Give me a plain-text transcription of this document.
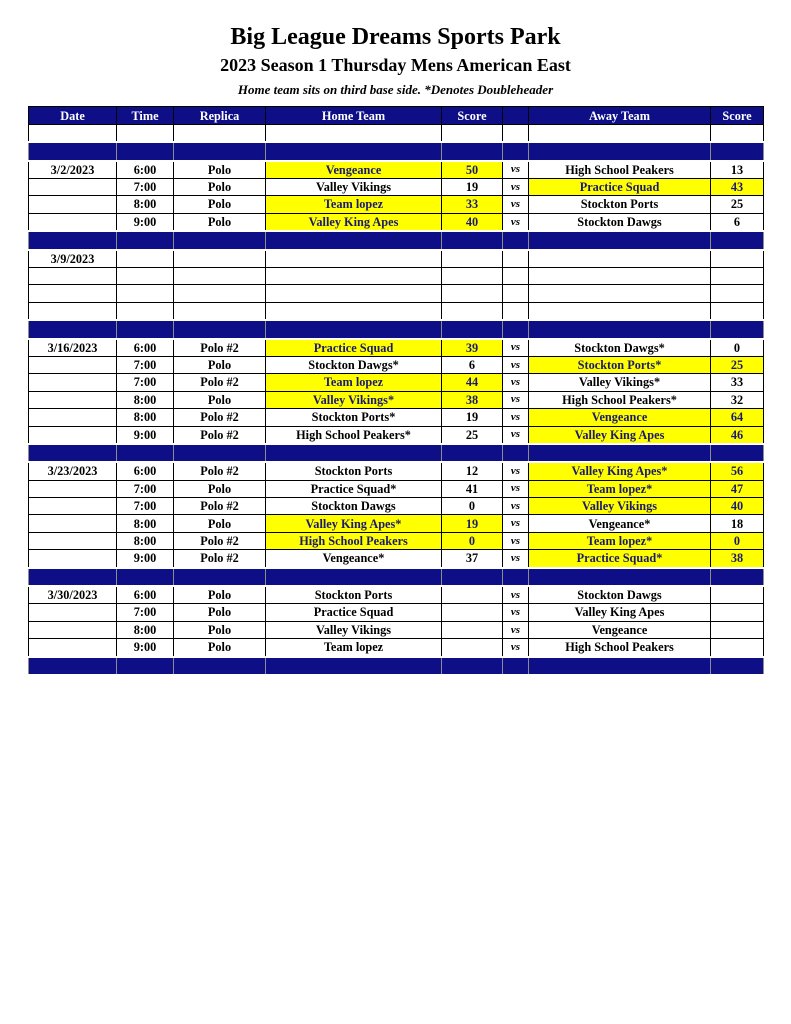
Big League Dreams Sports Park
2023 Season 1 Thursday Mens American East
Home team sits on third base side. *Denotes Doubleheader
Date	Time	Replica	Home Team	Score		Away Team	Score

3/2/2023	6:00	Polo	Vengeance	50	vs	High School Peakers	13
	7:00	Polo	Valley Vikings	19	vs	Practice Squad	43
	8:00	Polo	Team lopez	33	vs	Stockton Ports	25
	9:00	Polo	Valley King Apes	40	vs	Stockton Dawgs	6

3/9/2023							

3/16/2023	6:00	Polo #2	Practice Squad	39	vs	Stockton Dawgs*	0
	7:00	Polo	Stockton Dawgs*	6	vs	Stockton Ports*	25
	7:00	Polo #2	Team lopez	44	vs	Valley Vikings*	33
	8:00	Polo	Valley Vikings*	38	vs	High School Peakers*	32
	8:00	Polo #2	Stockton Ports*	19	vs	Vengeance	64
	9:00	Polo #2	High School Peakers*	25	vs	Valley King Apes	46

3/23/2023	6:00	Polo #2	Stockton Ports	12	vs	Valley King Apes*	56
	7:00	Polo	Practice Squad*	41	vs	Team lopez*	47
	7:00	Polo #2	Stockton Dawgs	0	vs	Valley Vikings	40
	8:00	Polo	Valley King Apes*	19	vs	Vengeance*	18
	8:00	Polo #2	High School Peakers	0	vs	Team lopez*	0
	9:00	Polo #2	Vengeance*	37	vs	Practice Squad*	38

3/30/2023	6:00	Polo	Stockton Ports		vs	Stockton Dawgs	
	7:00	Polo	Practice Squad		vs	Valley King Apes	
	8:00	Polo	Valley Vikings		vs	Vengeance	
	9:00	Polo	Team lopez		vs	High School Peakers	
